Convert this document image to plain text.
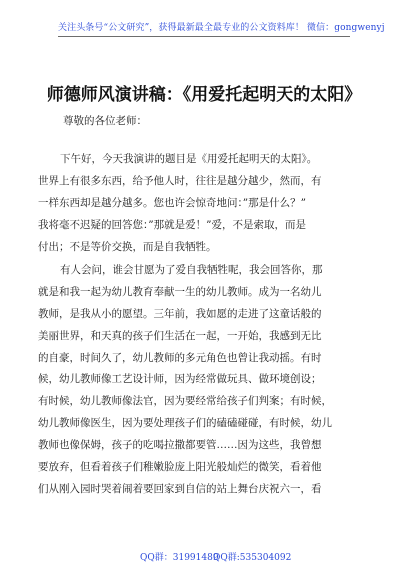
关注头条号“公文研究”，获得最新最全最专业的公文资料库！ 微信：gongwenyj
师德师风演讲稿：《用爱托起明天的太阳》
尊敬的各位老师：
下午好，今天我演讲的题目是《用爱托起明天的太阳》。
世界上有很多东西，给予他人时，往往是越分越少，然而，有
一样东西却是越分越多。您也许会惊奇地问：”那是什么？”
我将毫不迟疑的回答您：”那就是爱！”爱，不是索取，而是
付出；不是等价交换，而是自我牺牲。
有人会问，谁会甘愿为了爱自我牺牲呢，我会回答你，那
就是和我一起为幼儿教育奉献一生的幼儿教师。成为一名幼儿
教师，是我从小的愿望。三年前，我如愿的走进了这童话般的
美丽世界，和天真的孩子们生活在一起，一开始，我感到无比
的自豪，时间久了，幼儿教师的多元角色也曾让我动摇。有时
候，幼儿教师像工艺设计师，因为经常做玩具、做环境创设；
有时候，幼儿教师像法官，因为要经常给孩子们判案；有时候，
幼儿教师像医生，因为要处理孩子们的磕磕碰碰，有时候，幼儿
教师也像保姆，孩子的吃喝拉撒都要管……因为这些，我曾想
要放弃，但看着孩子们稚嫩脸庞上阳光般灿烂的微笑，看着他
们从刚入园时哭着闹着要回家到自信的站上舞台庆祝六一，看
QQ群：31991489
QQ群:535304092
